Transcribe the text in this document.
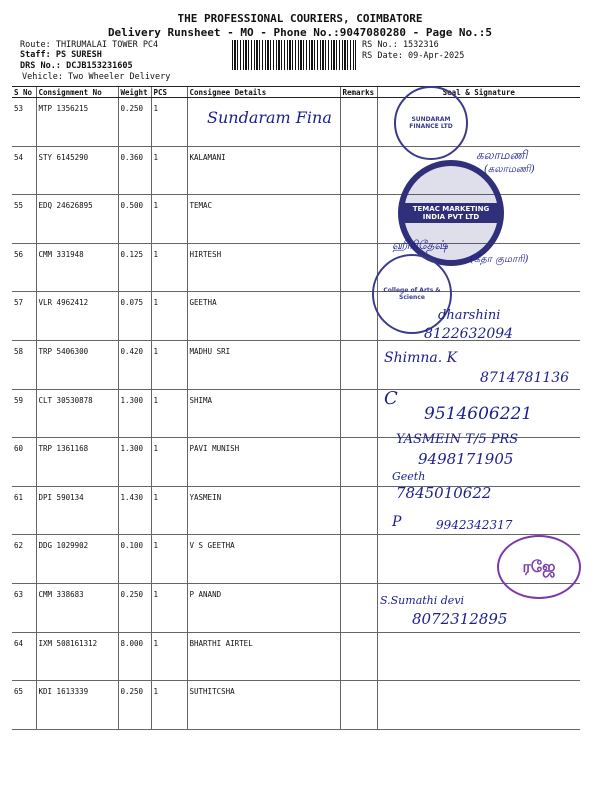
THE PROFESSIONAL COURIERS, COIMBATORE
Delivery Runsheet - MO - Phone No.:9047080280 - Page No.:5
Route: THIRUMALAI TOWER PC4
Staff: PS SURESH
DRS No.: DCJB153231605
Vehicle: Two Wheeler Delivery
RS No.: 1532316
RS Date: 09-Apr-2025
S No	Consignment No	Weight	PCS	Consignee Details	Remarks	Seal & Signature
53	MTP 1356215	0.250	1			
54	STY 6145290	0.360	1	KALAMANI		
55	EDQ 24626895	0.500	1	TEMAC		
56	CMM 331948	0.125	1	HIRTESH		
57	VLR 4962412	0.075	1	GEETHA		
58	TRP 5406300	0.420	1	MADHU SRI		
59	CLT 30530878	1.300	1	SHIMA		
60	TRP 1361168	1.300	1	PAVI MUNISH		
61	DPI 590134	1.430	1	YASMEIN		
62	DDG 1029902	0.100	1	V S GEETHA		
63	CMM 338683	0.250	1	P ANAND		
64	IXM 508161312	8.000	1	BHARTHI AIRTEL		
65	KDI 1613339	0.250	1	SUTHITCSHA		
SUNDARAM FINANCE LTD
TEMAC MARKETING INDIA PVT LTD
College of Arts & Science
ரஜே
Sundaram Fina
கலாமணி
(கலாமணி)
ஹிரிதேஷ்
(கீதா குமாரி)
dharshini
8122632094
Shimna. K
8714781136
C
9514606221
YASMEIN T/5 PRS
9498171905
Geeth
7845010622
P	9942342317
S.Sumathi devi
8072312895
